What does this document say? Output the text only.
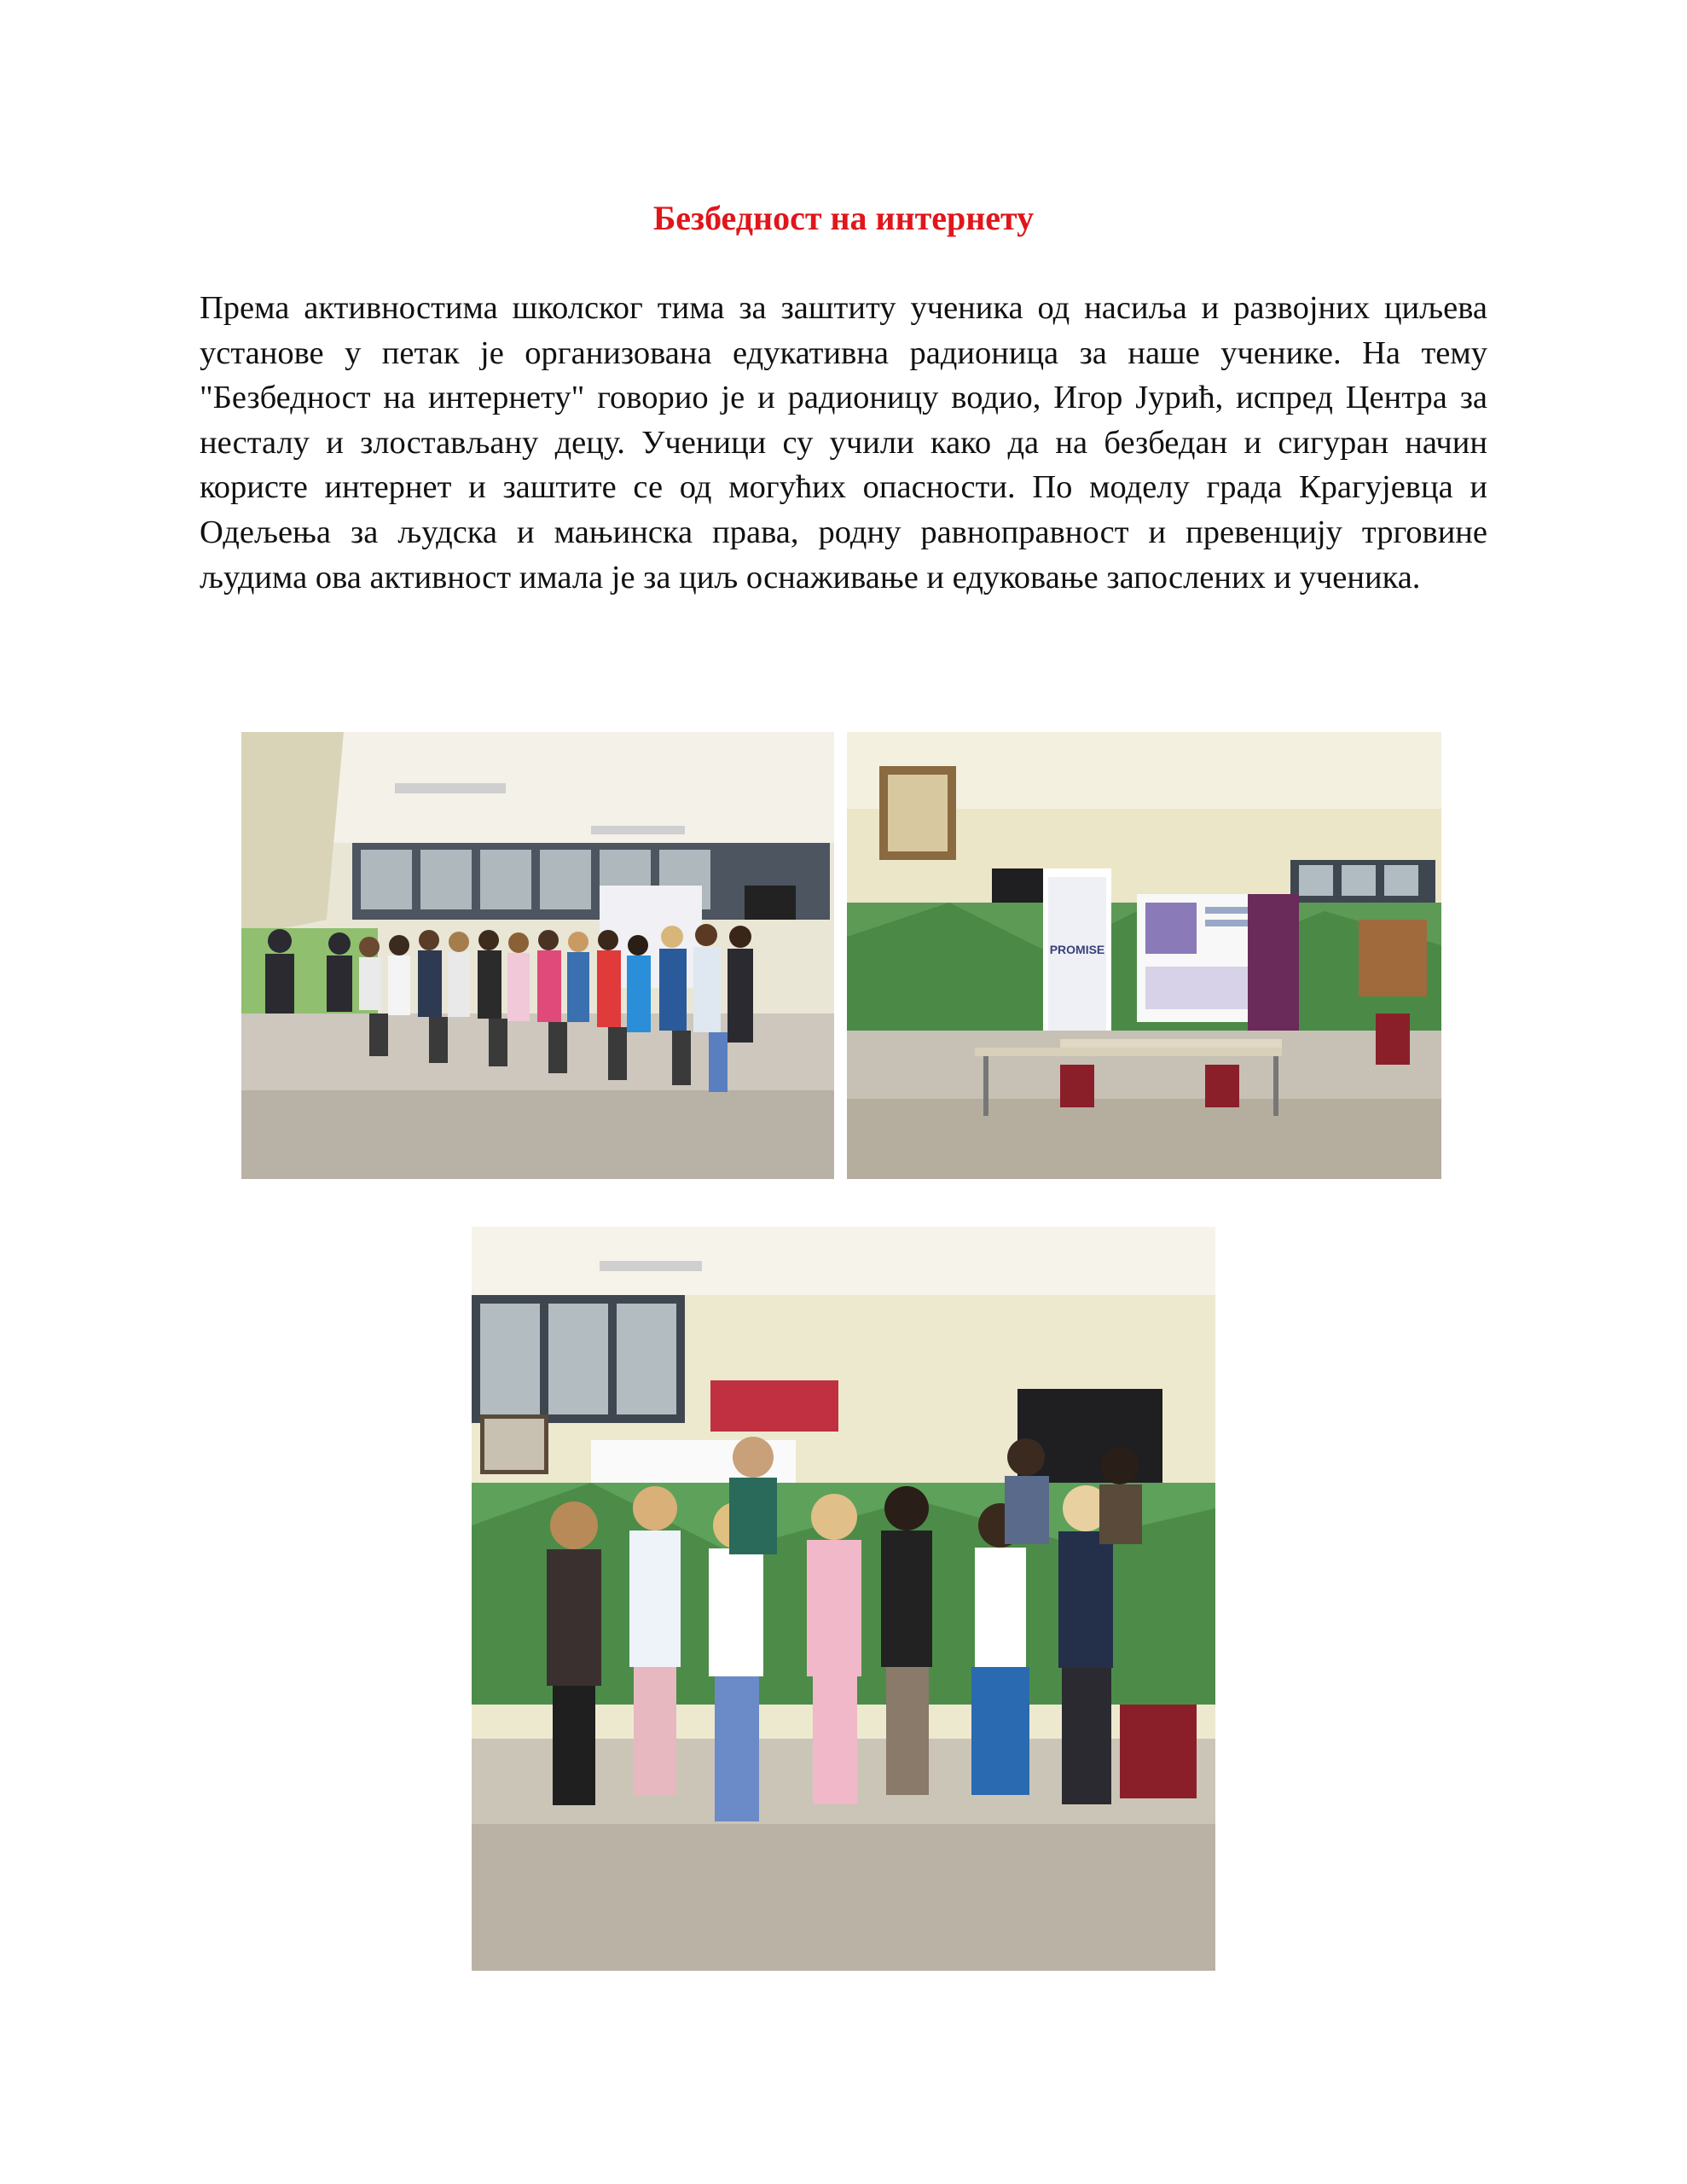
Безбедност на интернету

Према активностима школског тима за заштиту ученика од насиља и развојних циљева установе у петак је организована едукативна радионица за наше ученике. На тему "Безбедност на интернету" говорио је и радионицу водио, Игор Јурић, испред Центра за несталу и злостављану децу. Ученици су учили како да на безбедан и сигуран начин користе интернет и заштите се од могућих опасности. По моделу града Крагујевца и Одељења за људска и мањинска права, родну равноправност и превенцију трговине људима ова активност имала је за циљ оснаживање и едуковање запослених и ученика.

PROMISE
